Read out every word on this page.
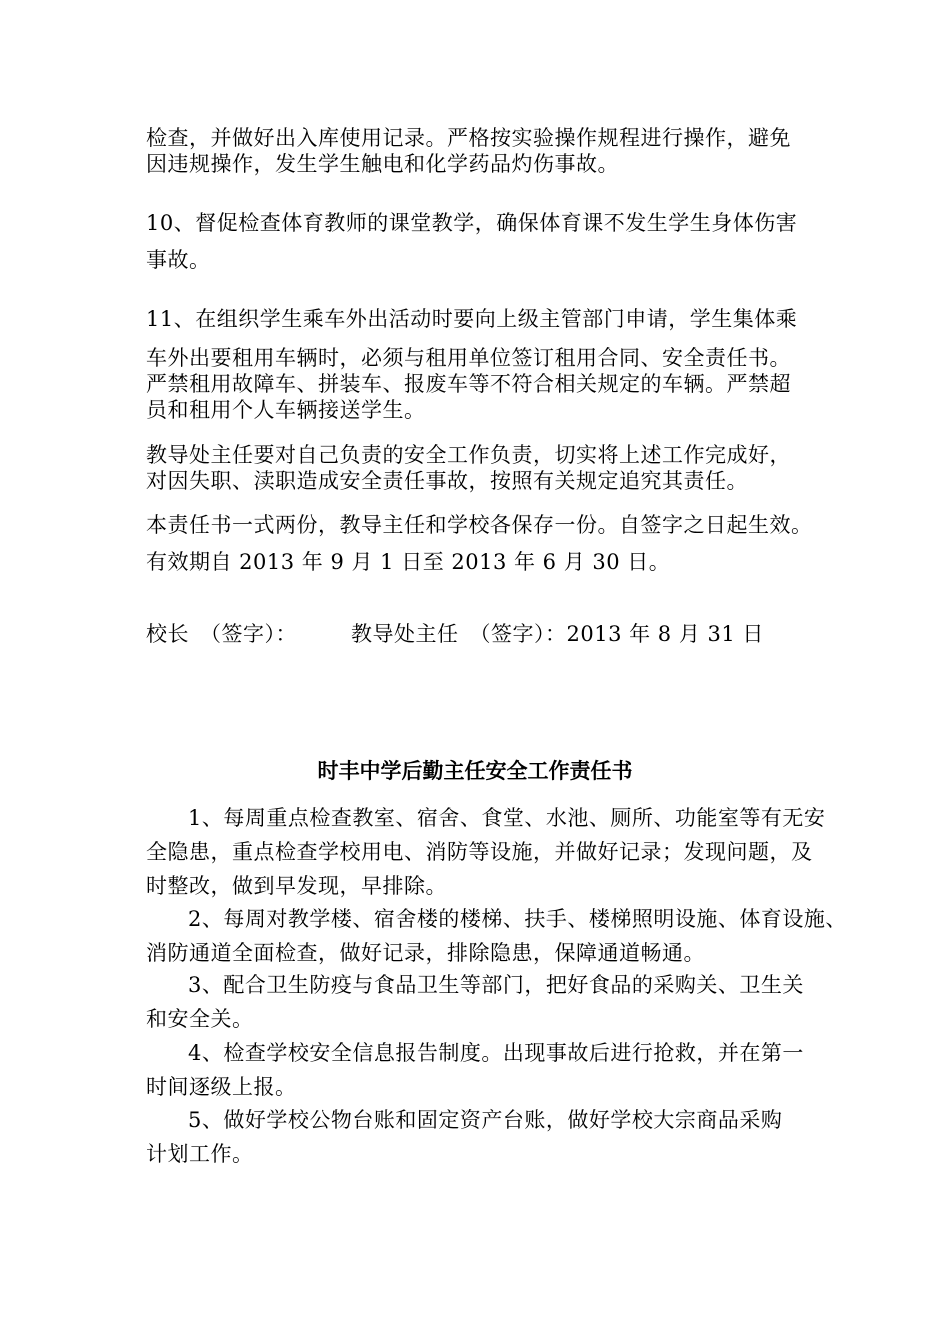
检查，并做好出入库使用记录。严格按实验操作规程进行操作，避免
因违规操作，发生学生触电和化学药品灼伤事故。
10、督促检查体育教师的课堂教学，确保体育课不发生学生身体伤害
事故。
11、在组织学生乘车外出活动时要向上级主管部门申请，学生集体乘
车外出要租用车辆时，必须与租用单位签订租用合同、安全责任书。
严禁租用故障车、拼装车、报废车等不符合相关规定的车辆。严禁超
员和租用个人车辆接送学生。
教导处主任要对自己负责的安全工作负责，切实将上述工作完成好，
对因失职、渎职造成安全责任事故，按照有关规定追究其责任。
本责任书一式两份，教导主任和学校各保存一份。自签字之日起生效。
有效期自 2013 年 9 月 1 日至 2013 年 6 月 30 日。
校长　（签字）：　　　教导处主任　（签字）：2013 年 8 月 31 日
时丰中学后勤主任安全工作责任书
1、每周重点检查教室、宿舍、食堂、水池、厕所、功能室等有无安
全隐患，重点检查学校用电、消防等设施，并做好记录；发现问题，及
时整改，做到早发现，早排除。
2、每周对教学楼、宿舍楼的楼梯、扶手、楼梯照明设施、体育设施、
消防通道全面检查，做好记录，排除隐患，保障通道畅通。
3、配合卫生防疫与食品卫生等部门，把好食品的采购关、卫生关
和安全关。
4、检查学校安全信息报告制度。出现事故后进行抢救，并在第一
时间逐级上报。
5、做好学校公物台账和固定资产台账，做好学校大宗商品采购
计划工作。
